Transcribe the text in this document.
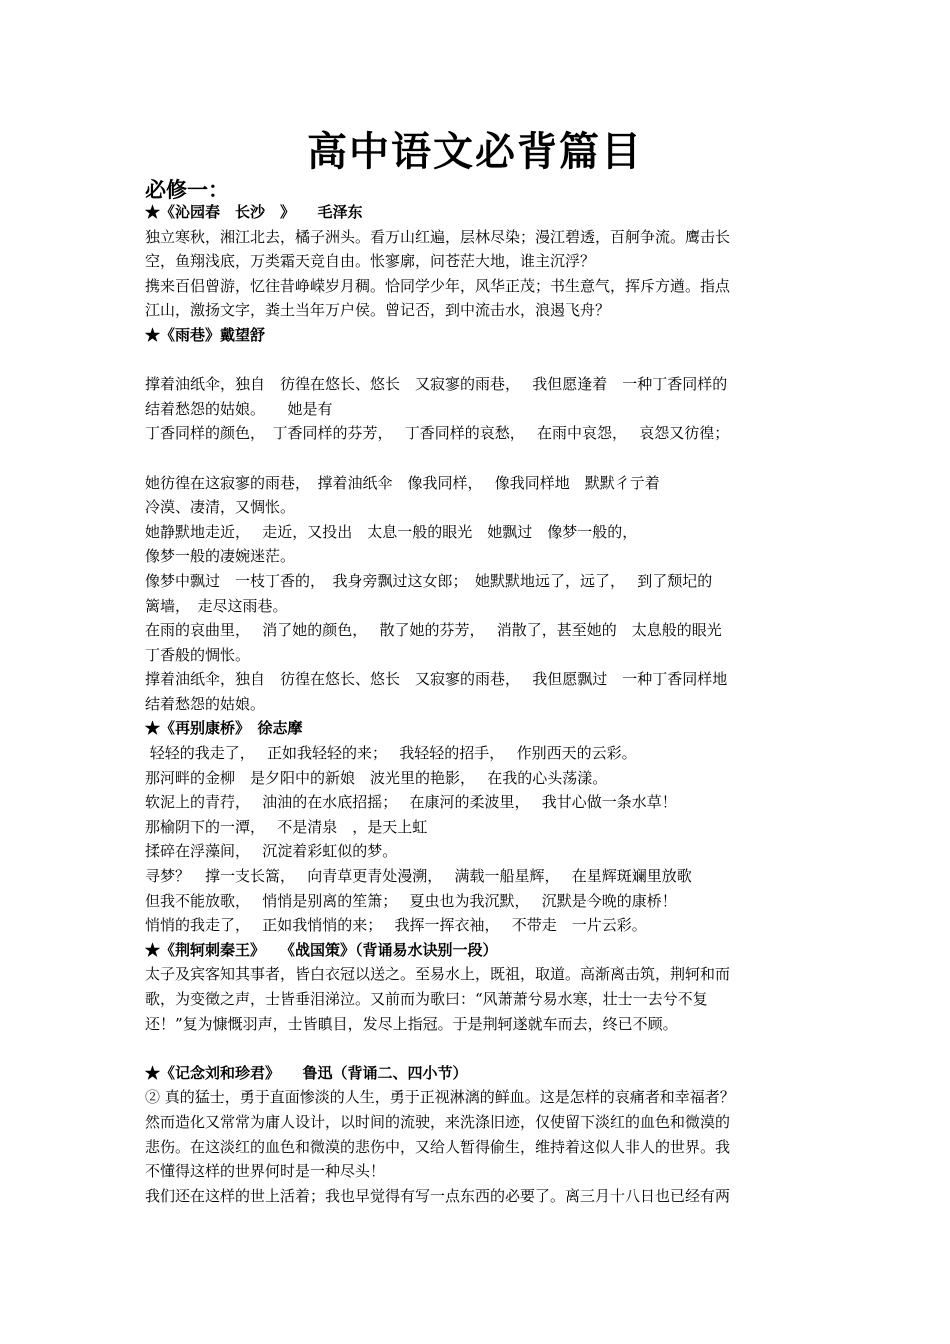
高中语文必背篇目
必修一：
★《沁园春　长沙　》　　毛泽东
独立寒秋，湘江北去，橘子洲头。看万山红遍，层林尽染；漫江碧透，百舸争流。鹰击长
空，鱼翔浅底，万类霜天竞自由。怅寥廓，问苍茫大地，谁主沉浮？
携来百侣曾游，忆往昔峥嵘岁月稠。恰同学少年，风华正茂；书生意气，挥斥方遒。指点
江山，激扬文字，粪土当年万户侯。曾记否，到中流击水，浪遏飞舟？
★《雨巷》戴望舒
撑着油纸伞，独自　彷徨在悠长、悠长　又寂寥的雨巷，　 我但愿逢着　一种丁香同样的
结着愁怨的姑娘。　　她是有
丁香同样的颜色，　丁香同样的芬芳，　 丁香同样的哀愁，　 在雨中哀怨，　 哀怨又彷徨；
她彷徨在这寂寥的雨巷，　撑着油纸伞　像我同样，　 像我同样地　默默彳亍着
冷漠、凄清，又惆怅。
她静默地走近，　 走近，又投出　太息一般的眼光　她飘过　像梦一般的，
像梦一般的凄婉迷茫。
像梦中飘过　一枝丁香的，　我身旁飘过这女郎；　她默默地远了，远了，　 到了颓圮的
篱墙，　走尽这雨巷。
在雨的哀曲里，　 消了她的颜色，　 散了她的芬芳，　 消散了，甚至她的　太息般的眼光
丁香般的惆怅。
撑着油纸伞，独自　彷徨在悠长、悠长　又寂寥的雨巷，　 我但愿飘过　一种丁香同样地
结着愁怨的姑娘。
★《再别康桥》　徐志摩
轻轻的我走了，　 正如我轻轻的来；　 我轻轻的招手，　 作别西天的云彩。
那河畔的金柳　是夕阳中的新娘　波光里的艳影，　 在我的心头荡漾。
软泥上的青荇，　 油油的在水底招摇；　 在康河的柔波里，　 我甘心做一条水草！
那榆阴下的一潭，　 不是清泉　，是天上虹
揉碎在浮藻间，　 沉淀着彩虹似的梦。
寻梦？　撑一支长篙，　 向青草更青处漫溯，　 满载一船星辉，　 在星辉斑斓里放歌
但我不能放歌，　 悄悄是别离的笙箫；　 夏虫也为我沉默，　 沉默是今晚的康桥！
悄悄的我走了，　 正如我悄悄的来；　 我挥一挥衣袖，　 不带走　一片云彩。
★《荆轲刺秦王》　　《战国策》（背诵易水诀别一段）
太子及宾客知其事者，皆白衣冠以送之。至易水上，既祖，取道。高渐离击筑，荆轲和而
歌，为变徵之声，士皆垂泪涕泣。又前而为歌曰：“风萧萧兮易水寒，壮士一去兮不复
还！”复为慷慨羽声，士皆瞋目，发尽上指冠。于是荆轲遂就车而去，终已不顾。
★《记念刘和珍君》　　鲁迅（背诵二、四小节）
② 真的猛士，勇于直面惨淡的人生，勇于正视淋漓的鲜血。这是怎样的哀痛者和幸福者？
然而造化又常常为庸人设计，以时间的流驶，来洗涤旧迹，仅使留下淡红的血色和微漠的
悲伤。在这淡红的血色和微漠的悲伤中，又给人暂得偷生，维持着这似人非人的世界。我
不懂得这样的世界何时是一种尽头！
我们还在这样的世上活着；我也早觉得有写一点东西的必要了。离三月十八日也已经有两
